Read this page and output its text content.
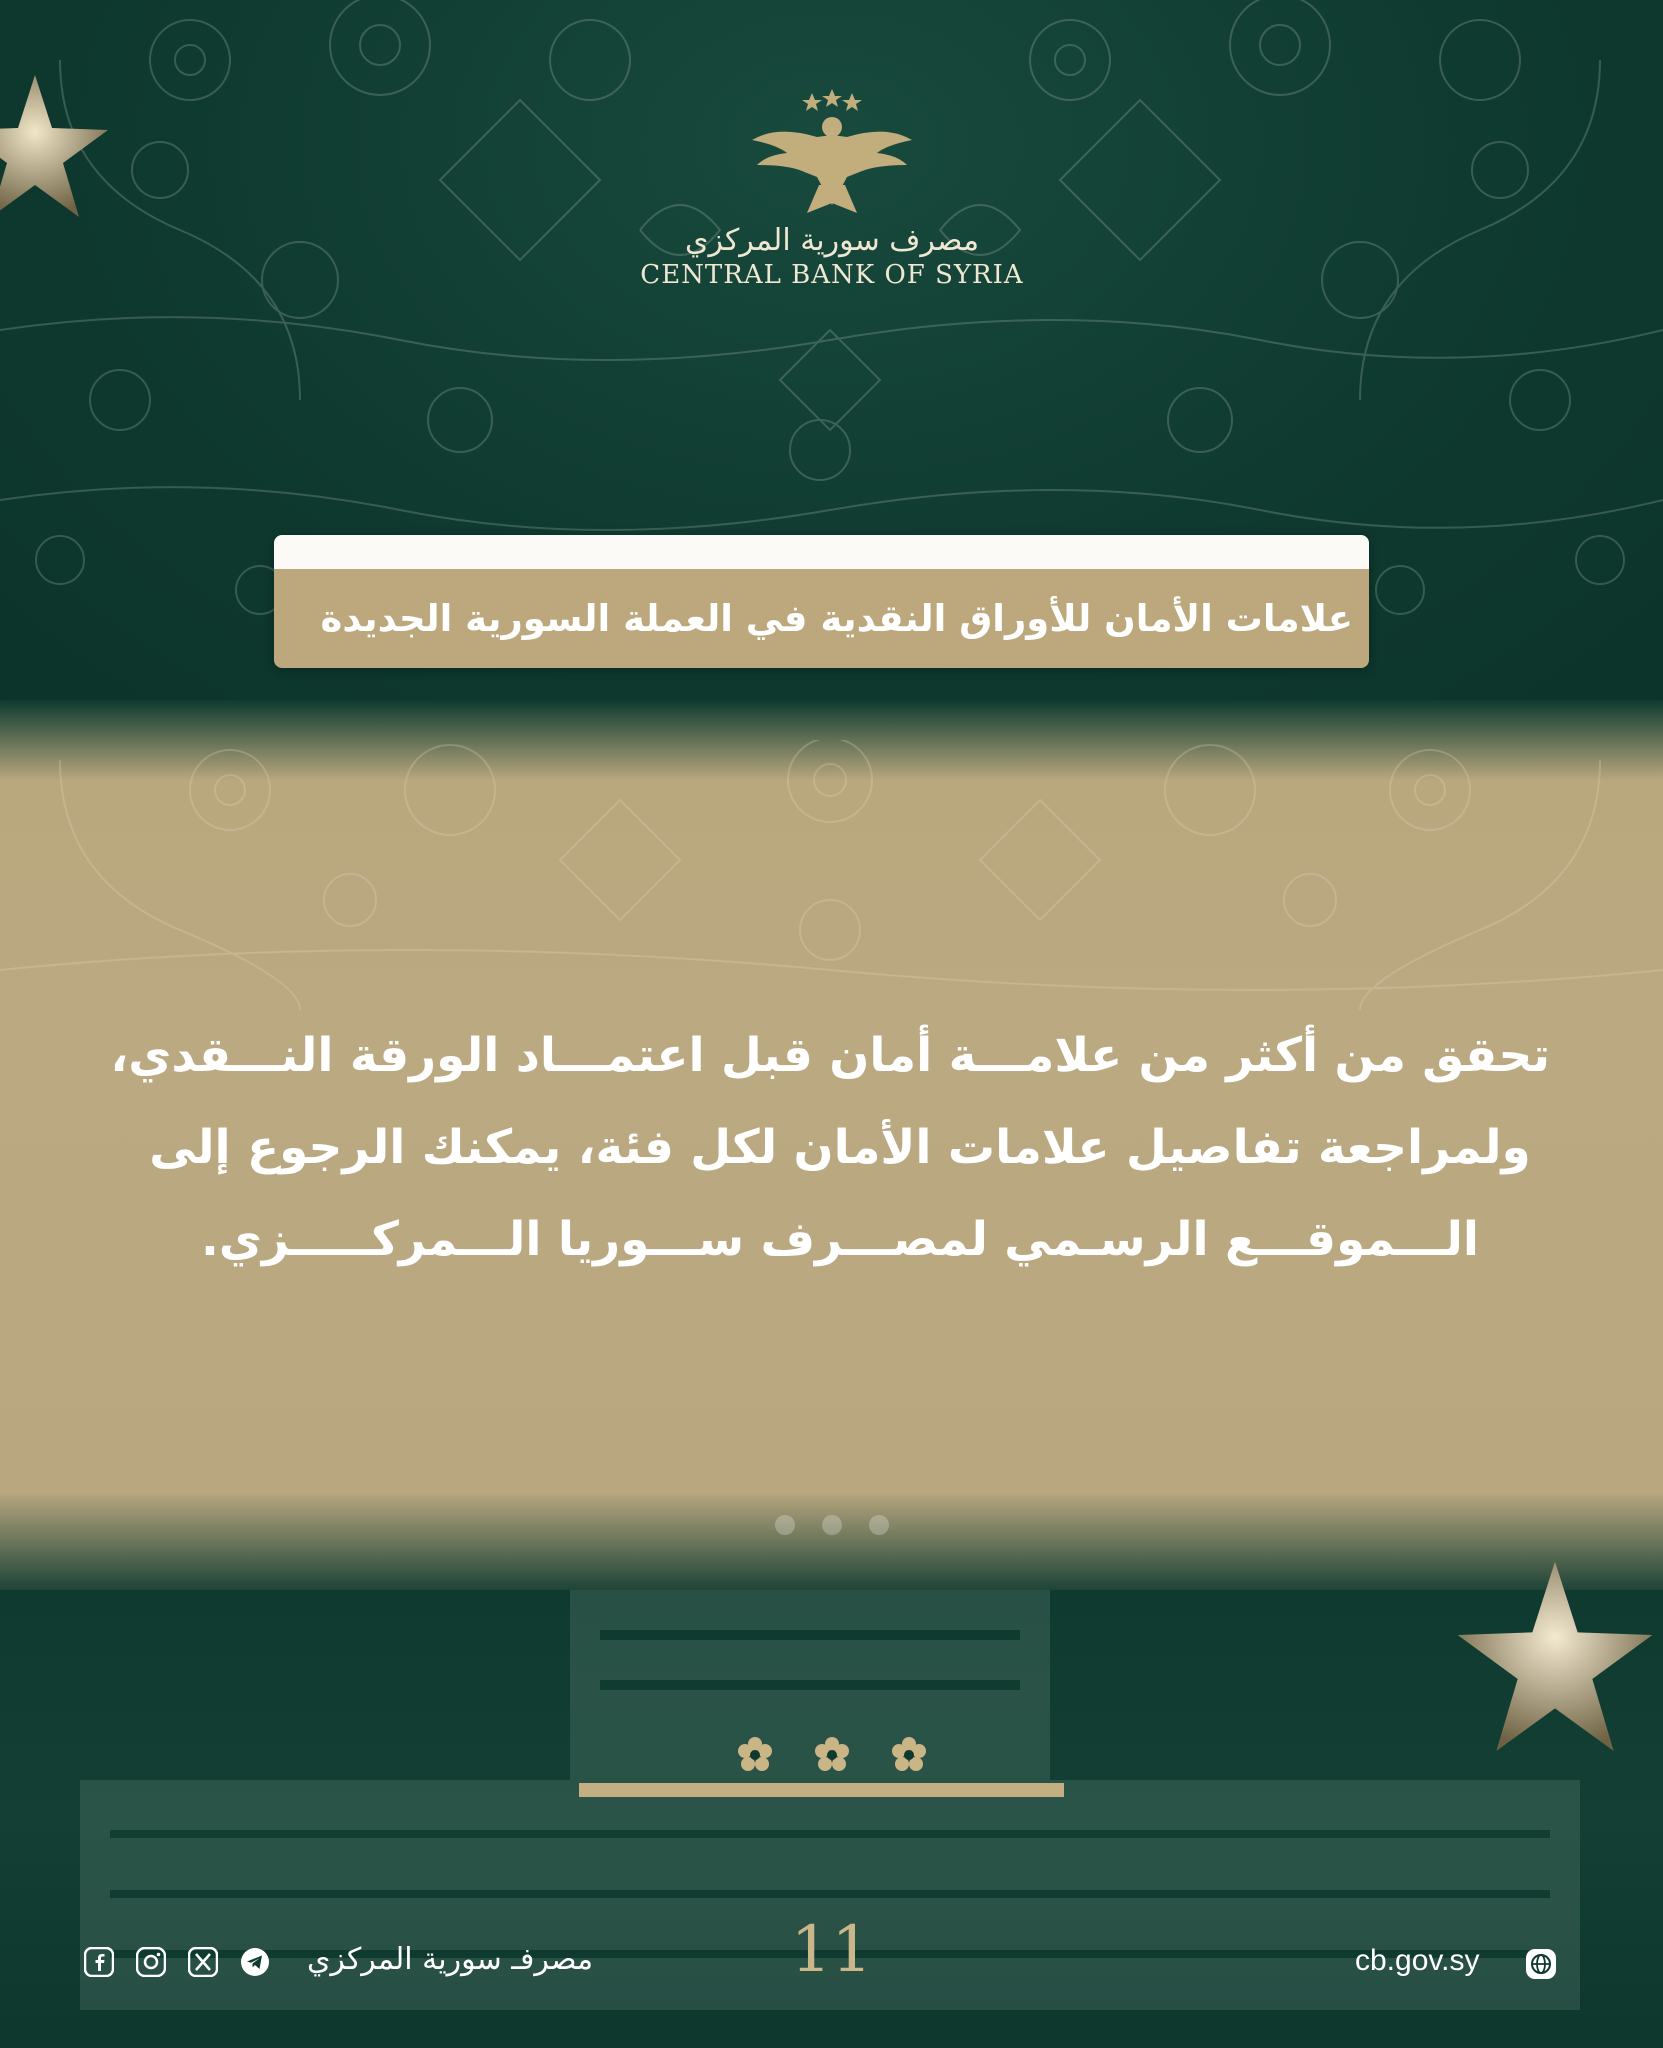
مصرف سورية المركزي
CENTRAL BANK OF SYRIA
علامات الأمان للأوراق النقدية في العملة السورية الجديدة
تحقق من أكثر من علامـــة أمان قبل اعتمـــاد الورقة النـــقدي،
ولمراجعة تفاصيل علامات الأمان لكل فئة، يمكنك الرجوع إلى
الـــموقـــع الرسـمي لمصـــرف ســـوريا الـــمركـــــزي.
مصرفـ سورية المركزي	11	cb.gov.sy
